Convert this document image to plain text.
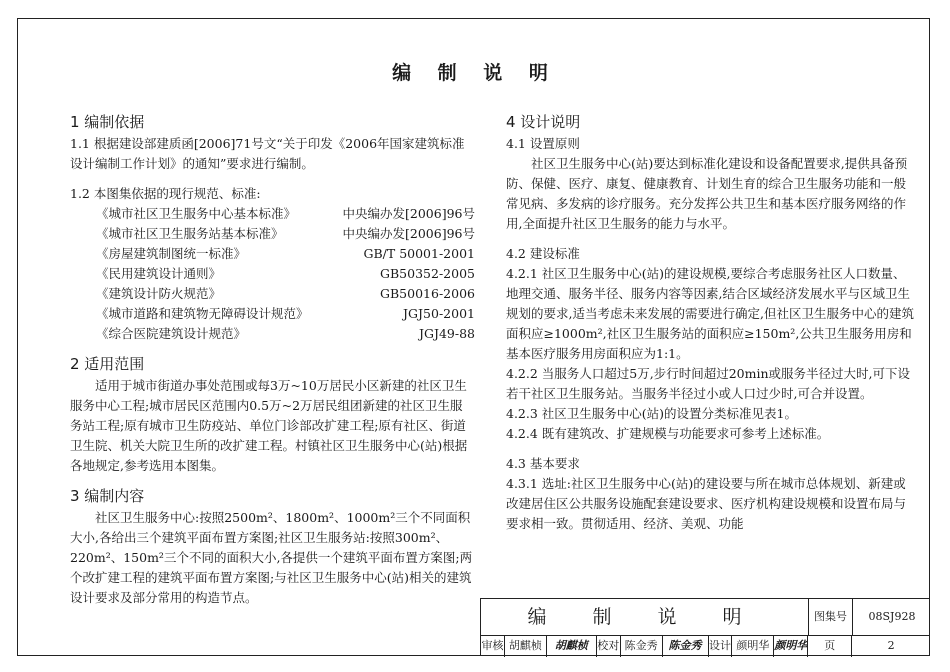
编 制 说 明
1 编制依据

1.1 根据建设部建质函[2006]71号文“关于印发《2006年国家建筑标准设计编制工作计划》的通知”要求进行编制。

1.2 本图集依据的现行规范、标准:

《城市社区卫生服务中心基本标准》	中央编办发[2006]96号
《城市社区卫生服务站基本标准》	中央编办发[2006]96号
《房屋建筑制图统一标准》	GB/T 50001-2001
《民用建筑设计通则》	GB50352-2005
《建筑设计防火规范》	GB50016-2006
《城市道路和建筑物无障碍设计规范》	JGJ50-2001
《综合医院建筑设计规范》	JGJ49-88
2 适用范围

适用于城市街道办事处范围或每3万~10万居民小区新建的社区卫生服务中心工程;城市居民区范围内0.5万~2万居民组团新建的社区卫生服务站工程;原有城市卫生防疫站、单位门诊部改扩建工程;原有社区、街道卫生院、机关大院卫生所的改扩建工程。村镇社区卫生服务中心(站)根据各地规定,参考选用本图集。

3 编制内容

社区卫生服务中心:按照2500m²、1800m²、1000m²三个不同面积大小,各给出三个建筑平面布置方案图;社区卫生服务站:按照300m²、220m²、150m²三个不同的面积大小,各提供一个建筑平面布置方案图;两个改扩建工程的建筑平面布置方案图;与社区卫生服务中心(站)相关的建筑设计要求及部分常用的构造节点。

4 设计说明

4.1 设置原则

社区卫生服务中心(站)要达到标准化建设和设备配置要求,提供具备预防、保健、医疗、康复、健康教育、计划生育的综合卫生服务功能和一般常见病、多发病的诊疗服务。充分发挥公共卫生和基本医疗服务网络的作用,全面提升社区卫生服务的能力与水平。

4.2 建设标准

4.2.1 社区卫生服务中心(站)的建设规模,要综合考虑服务社区人口数量、地理交通、服务半径、服务内容等因素,结合区域经济发展水平与区域卫生规划的要求,适当考虑未来发展的需要进行确定,但社区卫生服务中心的建筑面积应≥1000m²,社区卫生服务站的面积应≥150m²,公共卫生服务用房和基本医疗服务用房面积应为1:1。

4.2.2 当服务人口超过5万,步行时间超过20min或服务半径过大时,可下设若干社区卫生服务站。当服务半径过小或人口过少时,可合并设置。

4.2.3 社区卫生服务中心(站)的设置分类标准见表1。

4.2.4 既有建筑改、扩建规模与功能要求可参考上述标准。

4.3 基本要求

4.3.1 选址:社区卫生服务中心(站)的建设要与所在城市总体规划、新建或改建居住区公共服务设施配套建设要求、医疗机构建设规模和设置布局与要求相一致。贯彻适用、经济、美观、功能

编 制 说 明	图集号	08SJ928
审核 胡麒桢	胡麒桢 校对 陈金秀 陈金秀 设计 颜明华 颜明华	页	2
